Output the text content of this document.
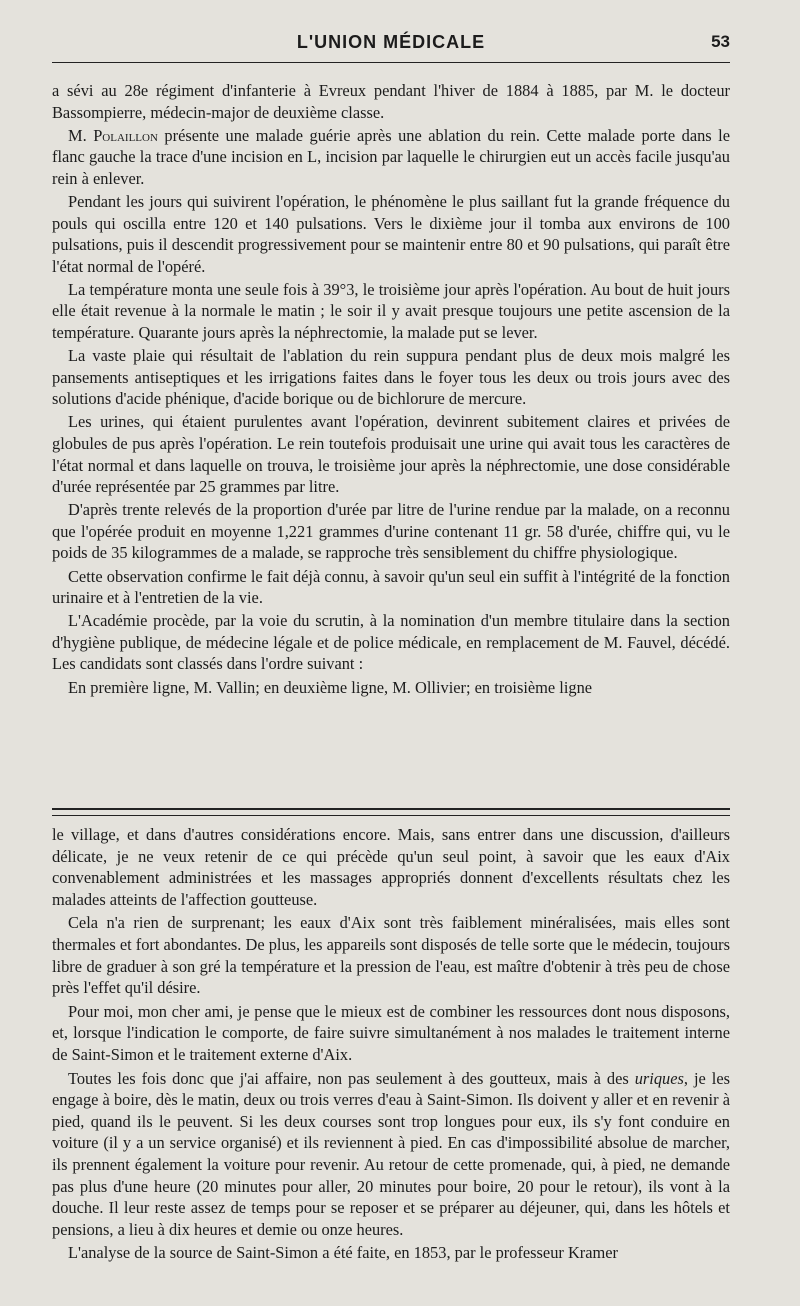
L'UNION MÉDICALE	53

a sévi au 28e régiment d'infanterie à Evreux pendant l'hiver de 1884 à 1885, par M. le docteur Bassompierre, médecin-major de deuxième classe.

M. Polaillon présente une malade guérie après une ablation du rein. Cette malade porte dans le flanc gauche la trace d'une incision en L, incision par laquelle le chirurgien eut un accès facile jusqu'au rein à enlever.

Pendant les jours qui suivirent l'opération, le phénomène le plus saillant fut la grande fréquence du pouls qui oscilla entre 120 et 140 pulsations. Vers le dixième jour il tomba aux environs de 100 pulsations, puis il descendit progressivement pour se maintenir entre 80 et 90 pulsations, qui paraît être l'état normal de l'opéré.

La température monta une seule fois à 39°3, le troisième jour après l'opération. Au bout de huit jours elle était revenue à la normale le matin ; le soir il y avait presque toujours une petite ascension de la température. Quarante jours après la néphrectomie, la malade put se lever.

La vaste plaie qui résultait de l'ablation du rein suppura pendant plus de deux mois malgré les pansements antiseptiques et les irrigations faites dans le foyer tous les deux ou trois jours avec des solutions d'acide phénique, d'acide borique ou de bichlorure de mercure.

Les urines, qui étaient purulentes avant l'opération, devinrent subitement claires et privées de globules de pus après l'opération. Le rein toutefois produisait une urine qui avait tous les caractères de l'état normal et dans laquelle on trouva, le troisième jour après la néphrectomie, une dose considérable d'urée représentée par 25 grammes par litre.

D'après trente relevés de la proportion d'urée par litre de l'urine rendue par la malade, on a reconnu que l'opérée produit en moyenne 1,221 grammes d'urine contenant 11 gr. 58 d'urée, chiffre qui, vu le poids de 35 kilogrammes de a malade, se rapproche très sensiblement du chiffre physiologique.

Cette observation confirme le fait déjà connu, à savoir qu'un seul ein suffit à l'intégrité de la fonction urinaire et à l'entretien de la vie.

L'Académie procède, par la voie du scrutin, à la nomination d'un membre titulaire dans la section d'hygiène publique, de médecine légale et de police médicale, en remplacement de M. Fauvel, décédé. Les candidats sont classés dans l'ordre suivant :

En première ligne, M. Vallin; en deuxième ligne, M. Ollivier; en troisième ligne

le village, et dans d'autres considérations encore. Mais, sans entrer dans une discussion, d'ailleurs délicate, je ne veux retenir de ce qui précède qu'un seul point, à savoir que les eaux d'Aix convenablement administrées et les massages appropriés donnent d'excellents résultats chez les malades atteints de l'affection goutteuse.

Cela n'a rien de surprenant; les eaux d'Aix sont très faiblement minéralisées, mais elles sont thermales et fort abondantes. De plus, les appareils sont disposés de telle sorte que le médecin, toujours libre de graduer à son gré la température et la pression de l'eau, est maître d'obtenir à très peu de chose près l'effet qu'il désire.

Pour moi, mon cher ami, je pense que le mieux est de combiner les ressources dont nous disposons, et, lorsque l'indication le comporte, de faire suivre simultanément à nos malades le traitement interne de Saint-Simon et le traitement externe d'Aix.

Toutes les fois donc que j'ai affaire, non pas seulement à des goutteux, mais à des uriques, je les engage à boire, dès le matin, deux ou trois verres d'eau à Saint-Simon. Ils doivent y aller et en revenir à pied, quand ils le peuvent. Si les deux courses sont trop longues pour eux, ils s'y font conduire en voiture (il y a un service organisé) et ils reviennent à pied. En cas d'impossibilité absolue de marcher, ils prennent également la voiture pour revenir. Au retour de cette promenade, qui, à pied, ne demande pas plus d'une heure (20 minutes pour aller, 20 minutes pour boire, 20 pour le retour), ils vont à la douche. Il leur reste assez de temps pour se reposer et se préparer au déjeuner, qui, dans les hôtels et pensions, a lieu à dix heures et demie ou onze heures.

L'analyse de la source de Saint-Simon a été faite, en 1853, par le professeur Kramer
